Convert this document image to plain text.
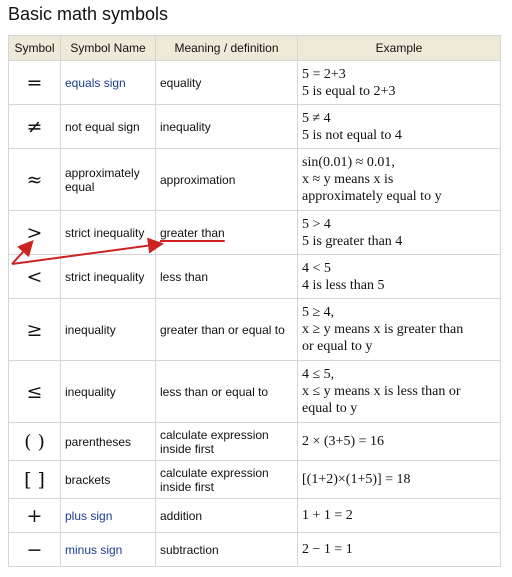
Basic math symbols
Symbol	Symbol Name	Meaning / definition	Example
=	equals sign	equality	5 = 2+3
5 is equal to 2+3

≠	not equal sign	inequality	5 ≠ 4
5 is not equal to 4

≈	approximately equal	approximation	sin(0.01) ≈ 0.01,
x ≈ y means x is
approximately equal to y

>	strict inequality	greater than	5 > 4
5 is greater than 4

<	strict inequality	less than	4 < 5
4 is less than 5

≥	inequality	greater than or equal to	5 ≥ 4,
x ≥ y means x is greater than
or equal to y

≤	inequality	less than or equal to	4 ≤ 5,
x ≤ y means x is less than or
equal to y

( )	parentheses	calculate expression inside first	2 × (3+5) = 16

[ ]	brackets	calculate expression inside first	[(1+2)×(1+5)] = 18

+	plus sign	addition	1 + 1 = 2

−	minus sign	subtraction	2 − 1 = 1
